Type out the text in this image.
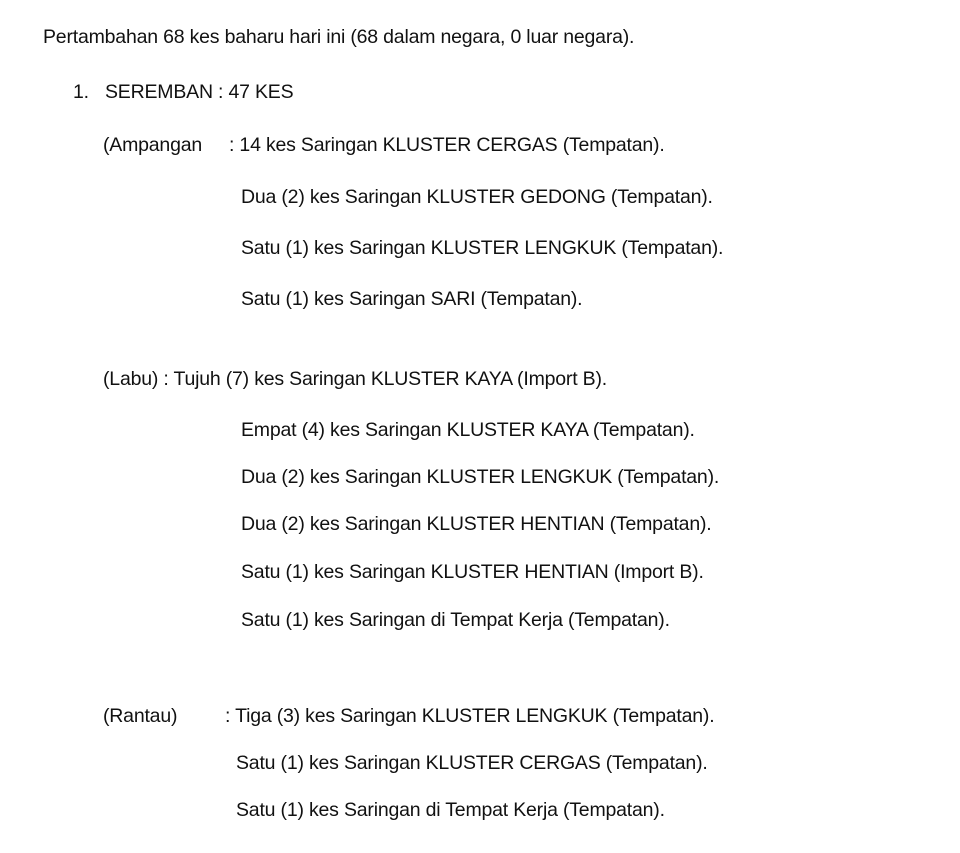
Pertambahan 68 kes baharu hari ini (68 dalam negara, 0 luar negara).
1. SEREMBAN : 47 KES
(Ampangan : 14 kes Saringan KLUSTER CERGAS (Tempatan).
Dua (2) kes Saringan KLUSTER GEDONG (Tempatan).
Satu (1) kes Saringan KLUSTER LENGKUK (Tempatan).
Satu (1) kes Saringan SARI (Tempatan).
(Labu) : Tujuh (7) kes Saringan KLUSTER KAYA (Import B).
Empat (4) kes Saringan KLUSTER KAYA (Tempatan).
Dua (2) kes Saringan KLUSTER LENGKUK (Tempatan).
Dua (2) kes Saringan KLUSTER HENTIAN (Tempatan).
Satu (1) kes Saringan KLUSTER HENTIAN (Import B).
Satu (1) kes Saringan di Tempat Kerja (Tempatan).
(Rantau) : Tiga (3) kes Saringan KLUSTER LENGKUK (Tempatan).
Satu (1) kes Saringan KLUSTER CERGAS (Tempatan).
Satu (1) kes Saringan di Tempat Kerja (Tempatan).
